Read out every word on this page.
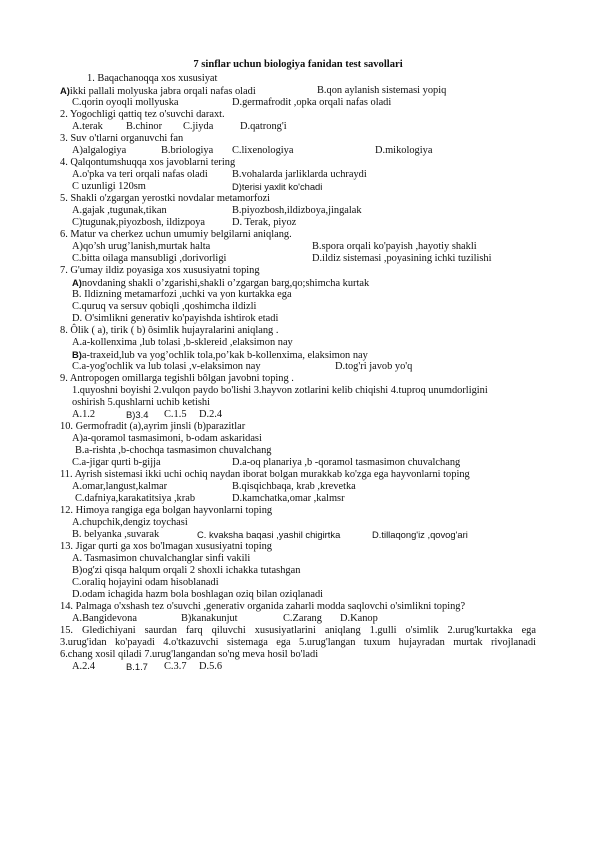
7 sinflar uchun biologiya fanidan test savollari
1. Baqachanoqqa xos xususiyat
A)ikki pallali molyuska jabra orqali nafas oladi	B.qon aylanish sistemasi yopiq
C.qorin oyoqli mollyuska	D.germafrodit ,opka orqali nafas oladi
2. Yogochligi qattiq tez o'suvchi daraxt.
A.terak B.chinor C.jiyda	D.qatrong'i
3. Suv o'tlarni organuvchi fan
A)algalogiya	B.briologiya C.lixenologiya	D.mikologiya
4. Qalqontumshuqqa xos javoblarni tering
A.o'pka va teri orqali nafas oladi B.vohalarda jarliklarda uchraydi
C uzunligi 120sm	D)terisi yaxlit ko'chadi
5. Shakli o'zgargan yerostki novdalar metamorfozi
A.gajak ,tugunak,tikan	B.piyozbosh,ildizboya,jingalak
C)tugunak,piyozbosh, ildizpoya	D. Terak, piyoz
6. Matur va cherkez uchun umumiy belgilarni aniqlang.
A)qo’sh urug’lanish,murtak halta	B.spora orqali ko'payish ,hayotiy shakli
C.bitta oilaga mansubligi ,dorivorligi	D.ildiz sistemasi ,poyasining ichki tuzilishi
7. G'umay ildiz poyasiga xos xususiyatni toping
A)novdaning shakli o’zgarishi,shakli o’zgargan barg,qo;shimcha kurtak
B. Ildizning metamarfozi ,uchki va yon kurtakka ega
C.quruq va sersuv qobiqli ,qoshimcha ildizli
D. O'simlikni generativ ko'payishda ishtirok etadi
8. Ôlik ( a), tirik ( b) ôsimlik hujayralarini aniqlang .
A.a-kollenxima ,lub tolasi ,b-sklereid ,elaksimon nay
B)a-traxeid,lub va yog’ochlik tola,po’kak b-kollenxima, elaksimon nay
C.a-yog'ochlik va lub tolasi ,v-elaksimon nay	D.tog'ri javob yo'q
9. Antropogen omillarga tegishli bôlgan javobni toping .
1.quyoshni boyishi 2.vulqon paydo bo'lishi 3.hayvon zotlarini kelib chiqishi 4.tuproq unumdorligini
oshirish 5.qushlarni uchib ketishi
A.1.2	B)3.4 C.1.5 D.2.4
10. Germofradit (a),ayrim jinsli (b)parazitlar
A)a-qoramol tasmasimoni, b-odam askaridasi
B.a-rishta ,b-chochqa tasmasimon chuvalchang
C.a-jigar qurti b-gijja	D.a-oq planariya ,b -qoramol tasmasimon chuvalchang
11. Ayrish sistemasi ikki uchi ochiq naydan iborat bolgan murakkab ko'zga ega hayvonlarni toping
A.omar,langust,kalmar	B.qisqichbaqa, krab ,krevetka
C.dafniya,karakatitsiya ,krab	D.kamchatka,omar ,kalmsr
12. Himoya rangiga ega bolgan hayvonlarni toping
A.chupchik,dengiz toychasi
B. belyanka ,suvarak	C. kvaksha baqasi ,yashil chigirtka	D.tillaqong'iz ,qovog'ari
13. Jigar qurti ga xos bo'lmagan xususiyatni toping
A. Tasmasimon chuvalchanglar sinfi vakili
B)og'zi qisqa halqum orqali 2 shoxli ichakka tutashgan
C.oraliq hojayini odam hisoblanadi
D.odam ichagida hazm bola boshlagan oziq bilan oziqlanadi
14. Palmaga o'xshash tez o'suvchi ,generativ organida zaharli modda saqlovchi o'simlikni toping?
A.Bangidevona	B)kanakunjut	C.Zarang D.Kanop
15. Gledichiyani saurdan farq qiluvchi xususiyatlarini aniqlang 1.gulli o'simlik 2.urug'kurtakka ega
3.urug'idan ko'payadi 4.o'tkazuvchi sistemaga ega 5.urug'langan tuxum hujayradan murtak rivojlanadi
6.chang xosil qiladi 7.urug'langandan so'ng meva hosil bo'ladi
A.2.4	B.1.7 C.3.7 D.5.6
